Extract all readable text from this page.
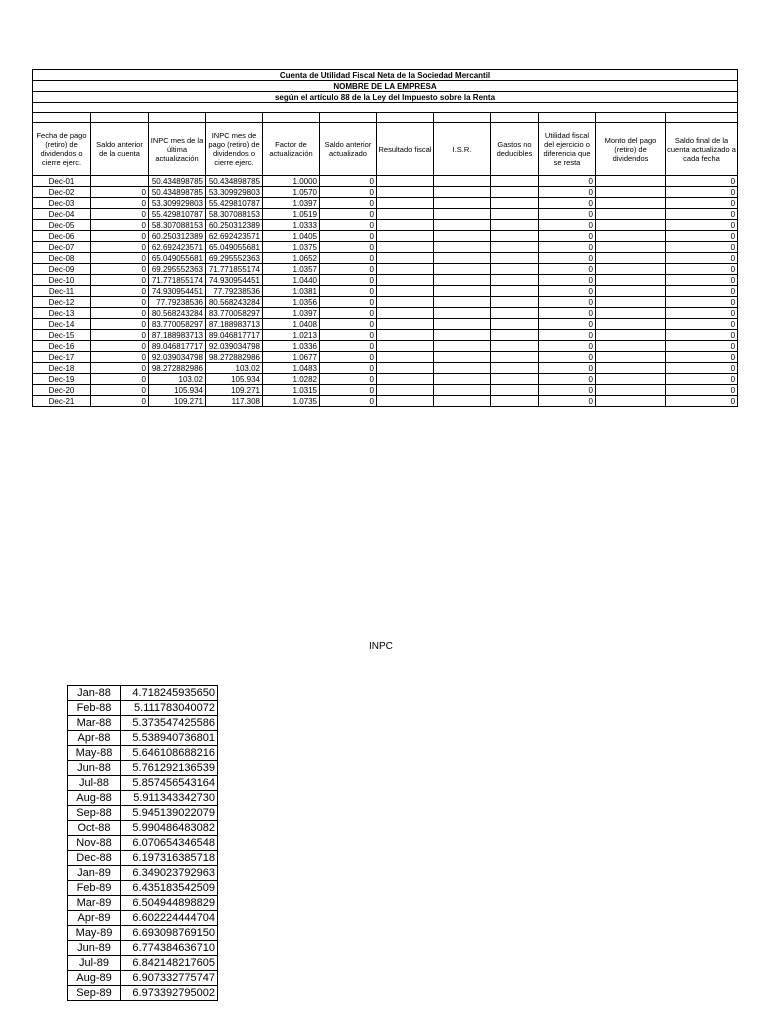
Cuenta de Utilidad Fiscal Neta de la Sociedad Mercantil											
NOMBRE DE LA EMPRESA											
según el artículo 88 de la Ley del Impuesto sobre la Renta											

Fecha de pago (retiro) de dividendos o cierre ejerc.	Saldo anterior de la cuenta	INPC mes de la última actualización	INPC mes de pago (retiro) de dividendos o cierre ejerc.	Factor de actualización	Saldo anterior actualizado	Resultado fiscal	I.S.R.	Gastos no deducibles	Utilidad fiscal del ejercicio o diferencia que se resta	Monto del pago (retiro) de dividendos	Saldo final de la cuenta actualizado a cada fecha
Dec-01		50.434898785	50.434898785	1.0000	0				0		0
Dec-02	0	50.434898785	53.309929803	1.0570	0				0		0
Dec-03	0	53.309929803	55.429810787	1.0397	0				0		0
Dec-04	0	55.429810787	58.307088153	1.0519	0				0		0
Dec-05	0	58.307088153	60.250312389	1.0333	0				0		0
Dec-06	0	60.250312389	62.692423571	1.0405	0				0		0
Dec-07	0	62.692423571	65.049055681	1.0375	0				0		0
Dec-08	0	65.049055681	69.295552363	1.0652	0				0		0
Dec-09	0	69.295552363	71.771855174	1.0357	0				0		0
Dec-10	0	71.771855174	74.930954451	1.0440	0				0		0
Dec-11	0	74.930954451	77.79238536	1.0381	0				0		0
Dec-12	0	77.79238536	80.568243284	1.0356	0				0		0
Dec-13	0	80.568243284	83.770058297	1.0397	0				0		0
Dec-14	0	83.770058297	87.188983713	1.0408	0				0		0
Dec-15	0	87.188983713	89.046817717	1.0213	0				0		0
Dec-16	0	89.046817717	92.039034798	1.0336	0				0		0
Dec-17	0	92.039034798	98.272882986	1.0677	0				0		0
Dec-18	0	98.272882986	103.02	1.0483	0				0		0
Dec-19	0	103.02	105.934	1.0282	0				0		0
Dec-20	0	105.934	109.271	1.0315	0				0		0
Dec-21	0	109.271	117.308	1.0735	0				0		0
INPC
Jan-88	4.718245935650
Feb-88	5.111783040072
Mar-88	5.373547425586
Apr-88	5.538940736801
May-88	5.646108688216
Jun-88	5.761292136539
Jul-88	5.857456543164
Aug-88	5.911343342730
Sep-88	5.945139022079
Oct-88	5.990486483082
Nov-88	6.070654346548
Dec-88	6.197316385718
Jan-89	6.349023792963
Feb-89	6.435183542509
Mar-89	6.504944898829
Apr-89	6.602224444704
May-89	6.693098769150
Jun-89	6.774384636710
Jul-89	6.842148217605
Aug-89	6.907332775747
Sep-89	6.973392795002
